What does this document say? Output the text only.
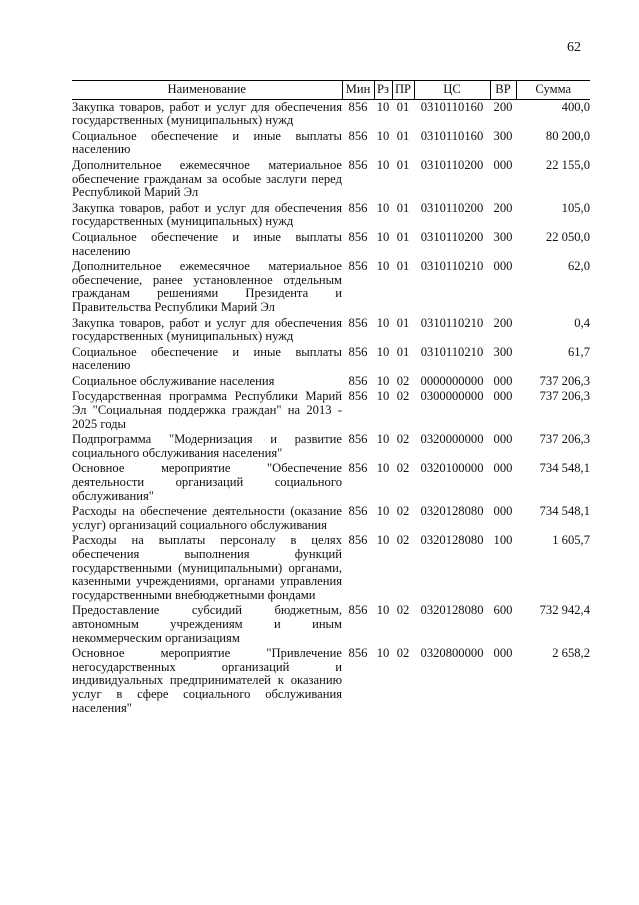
62
Наименование	Мин	Рз	ПР	ЦС	ВР	Сумма
Закупка товаров, работ и услуг для обеспечения государственных (муниципальных) нужд	856	10	01	0310110160	200	400,0
Социальное обеспечение и иные выплаты населению	856	10	01	0310110160	300	80 200,0
Дополнительное ежемесячное материальное обеспечение гражданам за особые заслуги перед Республикой Марий Эл	856	10	01	0310110200	000	22 155,0
Закупка товаров, работ и услуг для обеспечения государственных (муниципальных) нужд	856	10	01	0310110200	200	105,0
Социальное обеспечение и иные выплаты населению	856	10	01	0310110200	300	22 050,0
Дополнительное ежемесячное материальное обеспечение, ранее установленное отдельным гражданам решениями Президента и Правительства Республики Марий Эл	856	10	01	0310110210	000	62,0
Закупка товаров, работ и услуг для обеспечения государственных (муниципальных) нужд	856	10	01	0310110210	200	0,4
Социальное обеспечение и иные выплаты населению	856	10	01	0310110210	300	61,7
Социальное обслуживание населения	856	10	02	0000000000	000	737 206,3
Государственная программа Республики Марий Эл "Социальная поддержка граждан" на 2013 - 2025 годы	856	10	02	0300000000	000	737 206,3
Подпрограмма "Модернизация и развитие социального обслуживания населения"	856	10	02	0320000000	000	737 206,3
Основное мероприятие "Обеспечение деятельности организаций социального обслуживания"	856	10	02	0320100000	000	734 548,1
Расходы на обеспечение деятельности (оказание услуг) организаций социального обслуживания	856	10	02	0320128080	000	734 548,1
Расходы на выплаты персоналу в целях обеспечения выполнения функций государственными (муниципальными) органами, казенными учреждениями, органами управления государственными внебюджетными фондами	856	10	02	0320128080	100	1 605,7
Предоставление субсидий бюджетным, автономным учреждениям и иным некоммерческим организациям	856	10	02	0320128080	600	732 942,4
Основное мероприятие "Привлечение негосударственных организаций и индивидуальных предпринимателей к оказанию услуг в сфере социального обслуживания населения"	856	10	02	0320800000	000	2 658,2
